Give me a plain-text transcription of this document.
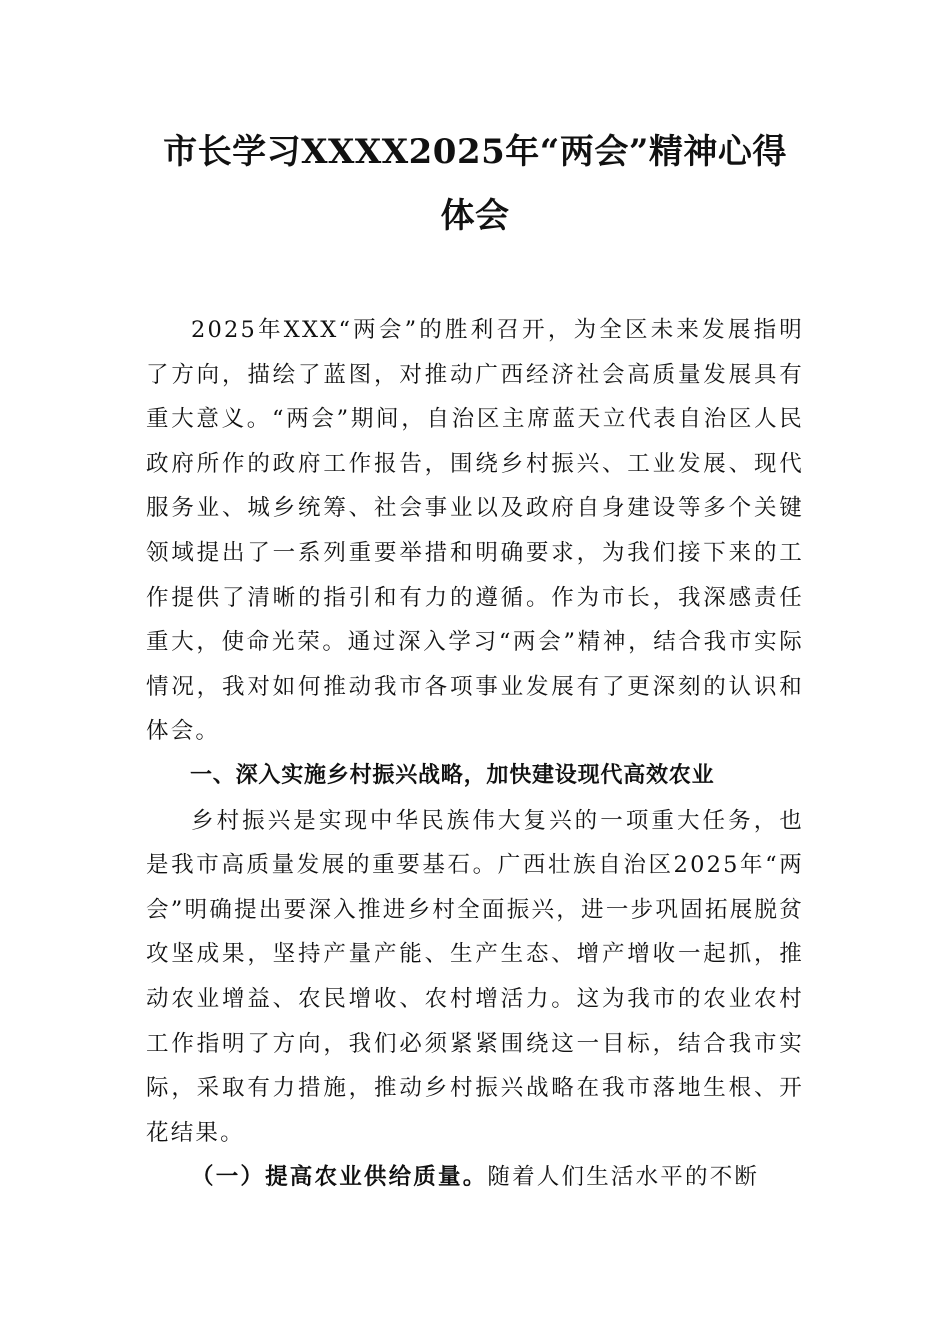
市长学习XXXX2025年“两会”精神心得
体会

2025年XXX“两会”的胜利召开，为全区未来发展指明了方向，描绘了蓝图，对推动广西经济社会高质量发展具有重大意义。“两会”期间，自治区主席蓝天立代表自治区人民政府所作的政府工作报告，围绕乡村振兴、工业发展、现代服务业、城乡统筹、社会事业以及政府自身建设等多个关键领域提出了一系列重要举措和明确要求，为我们接下来的工作提供了清晰的指引和有力的遵循。作为市长，我深感责任重大，使命光荣。通过深入学习“两会”精神，结合我市实际情况，我对如何推动我市各项事业发展有了更深刻的认识和体会。

一、深入实施乡村振兴战略，加快建设现代高效农业

乡村振兴是实现中华民族伟大复兴的一项重大任务，也是我市高质量发展的重要基石。广西壮族自治区2025年“两会”明确提出要深入推进乡村全面振兴，进一步巩固拓展脱贫攻坚成果，坚持产量产能、生产生态、增产增收一起抓，推动农业增益、农民增收、农村增活力。这为我市的农业农村工作指明了方向，我们必须紧紧围绕这一目标，结合我市实际，采取有力措施，推动乡村振兴战略在我市落地生根、开花结果。

（一）提高农业供给质量。随着人们生活水平的不断
